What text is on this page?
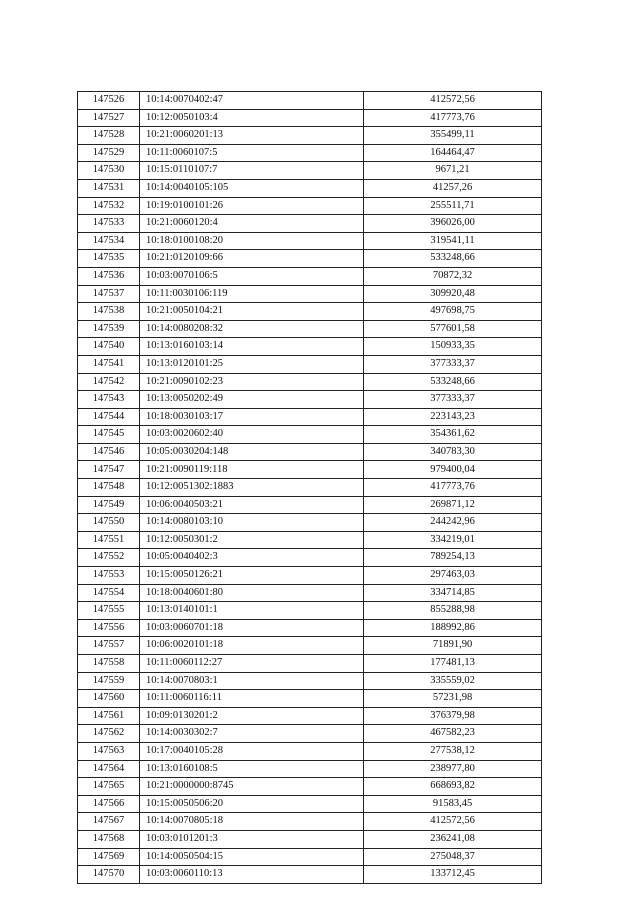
147526	10:14:0070402:47	412572,56
147527	10:12:0050103:4	417773,76
147528	10:21:0060201:13	355499,11
147529	10:11:0060107:5	164464,47
147530	10:15:0110107:7	9671,21
147531	10:14:0040105:105	41257,26
147532	10:19:0100101:26	255511,71
147533	10:21:0060120:4	396026,00
147534	10:18:0100108:20	319541,11
147535	10:21:0120109:66	533248,66
147536	10:03:0070106:5	70872,32
147537	10:11:0030106:119	309920,48
147538	10:21:0050104:21	497698,75
147539	10:14:0080208:32	577601,58
147540	10:13:0160103:14	150933,35
147541	10:13:0120101:25	377333,37
147542	10:21:0090102:23	533248,66
147543	10:13:0050202:49	377333,37
147544	10:18:0030103:17	223143,23
147545	10:03:0020602:40	354361,62
147546	10:05:0030204:148	340783,30
147547	10:21:0090119:118	979400,04
147548	10:12:0051302:1883	417773,76
147549	10:06:0040503:21	269871,12
147550	10:14:0080103:10	244242,96
147551	10:12:0050301:2	334219,01
147552	10:05:0040402:3	789254,13
147553	10:15:0050126:21	297463,03
147554	10:18:0040601:80	334714,85
147555	10:13:0140101:1	855288,98
147556	10:03:0060701:18	188992,86
147557	10:06:0020101:18	71891,90
147558	10:11:0060112:27	177481,13
147559	10:14:0070803:1	335559,02
147560	10:11:0060116:11	57231,98
147561	10:09:0130201:2	376379,98
147562	10:14:0030302:7	467582,23
147563	10:17:0040105:28	277538,12
147564	10:13:0160108:5	238977,80
147565	10:21:0000000:8745	668693,82
147566	10:15:0050506:20	91583,45
147567	10:14:0070805:18	412572,56
147568	10:03:0101201:3	236241,08
147569	10:14:0050504:15	275048,37
147570	10:03:0060110:13	133712,45
